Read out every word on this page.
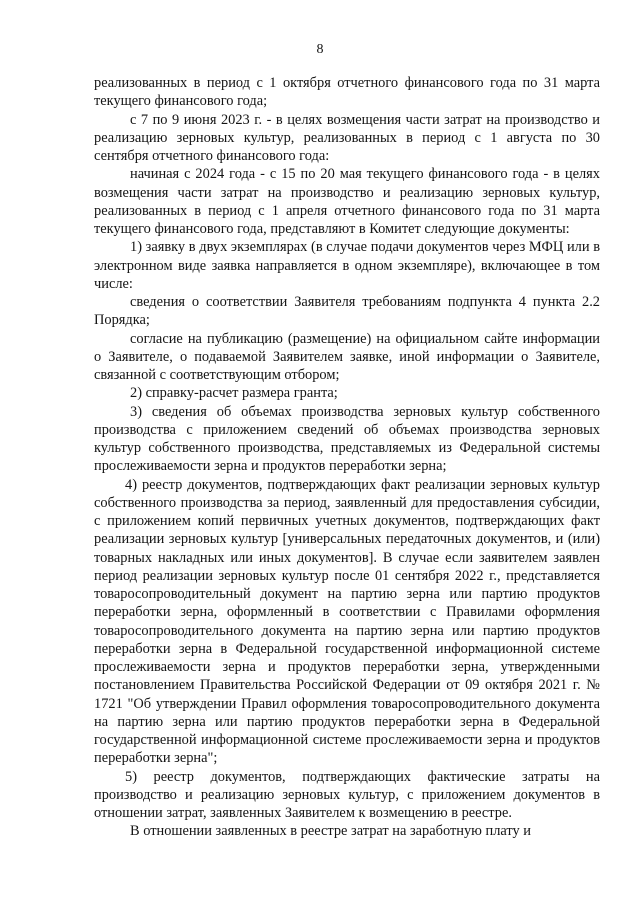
8

реализованных в период с 1 октября отчетного финансового года по 31 марта текущего финансового года;

с 7 по 9 июня 2023 г. - в целях возмещения части затрат на производство и реализацию зерновых культур, реализованных в период с 1 августа по 30 сентября отчетного финансового года:

начиная с 2024 года - с 15 по 20 мая текущего финансового года - в целях возмещения части затрат на производство и реализацию зерновых культур, реализованных в период с 1 апреля отчетного финансового года по 31 марта текущего финансового года, представляют в Комитет следующие документы:

1) заявку в двух экземплярах (в случае подачи документов через МФЦ или в электронном виде заявка направляется в одном экземпляре), включающее в том числе:

сведения о соответствии Заявителя требованиям подпункта 4 пункта 2.2 Порядка;

согласие на публикацию (размещение) на официальном сайте информации о Заявителе, о подаваемой Заявителем заявке, иной информации о Заявителе, связанной с соответствующим отбором;

2) справку-расчет размера гранта;

3) сведения об объемах производства зерновых культур собственного производства с приложением сведений об объемах производства зерновых культур собственного производства, представляемых из Федеральной системы прослеживаемости зерна и продуктов переработки зерна;

4) реестр документов, подтверждающих факт реализации зерновых культур собственного производства за период, заявленный для предоставления субсидии, с приложением копий первичных учетных документов, подтверждающих факт реализации зерновых культур [универсальных передаточных документов, и (или) товарных накладных или иных документов]. В случае если заявителем заявлен период реализации зерновых культур после 01 сентября 2022 г., представляется товаросопроводительный документ на партию зерна или партию продуктов переработки зерна, оформленный в соответствии с Правилами оформления товаросопроводительного документа на партию зерна или партию продуктов переработки зерна в Федеральной государственной информационной системе прослеживаемости зерна и продуктов переработки зерна, утвержденными постановлением Правительства Российской Федерации от 09 октября 2021 г. № 1721 "Об утверждении Правил оформления товаросопроводительного документа на партию зерна или партию продуктов переработки зерна в Федеральной государственной информационной системе прослеживаемости зерна и продуктов переработки зерна";

5) реестр документов, подтверждающих фактические затраты на производство и реализацию зерновых культур, с приложением документов в отношении затрат, заявленных Заявителем к возмещению в реестре.

В отношении заявленных в реестре затрат на заработную плату и
